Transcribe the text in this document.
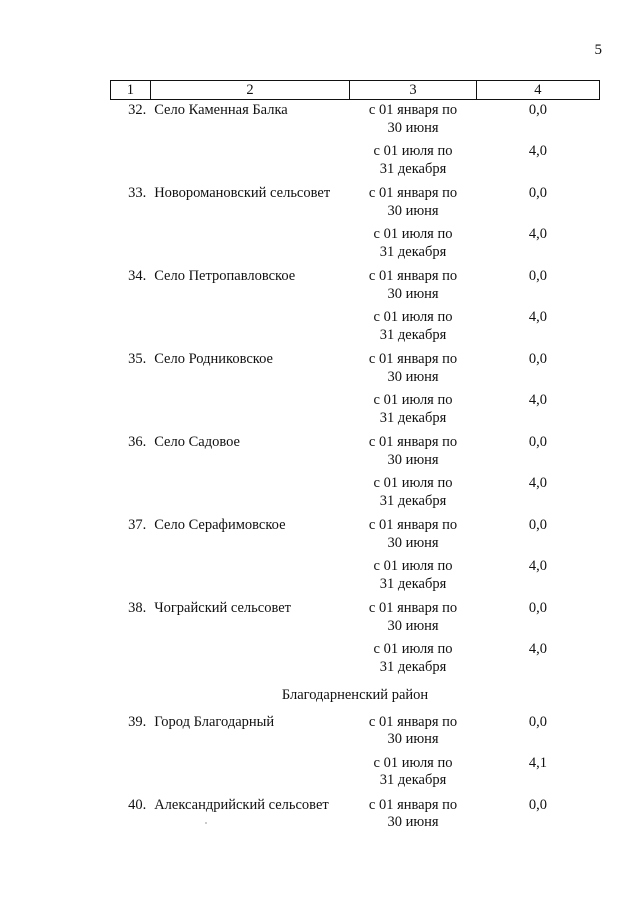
5
1	2	3	4
32.	Село Каменная Балка	с 01 января по
30 июня	0,0

		с 01 июля по
31 декабря	4,0
33.	Новоромановский сельсовет	с 01 января по
30 июня	0,0

		с 01 июля по
31 декабря	4,0
34.	Село Петропавловское	с 01 января по
30 июня	0,0

		с 01 июля по
31 декабря	4,0
35.	Село Родниковское	с 01 января по
30 июня	0,0

		с 01 июля по
31 декабря	4,0
36.	Село Садовое	с 01 января по
30 июня	0,0

		с 01 июля по
31 декабря	4,0
37.	Село Серафимовское	с 01 января по
30 июня	0,0

		с 01 июля по
31 декабря	4,0
38.	Чограйский сельсовет	с 01 января по
30 июня	0,0

		с 01 июля по
31 декабря	4,0
Благодарненский район			
39.	Город Благодарный	с 01 января по
30 июня	0,0

		с 01 июля по
31 декабря	4,1
40.	Александрийский сельсовет	с 01 января по
30 июня	0,0
